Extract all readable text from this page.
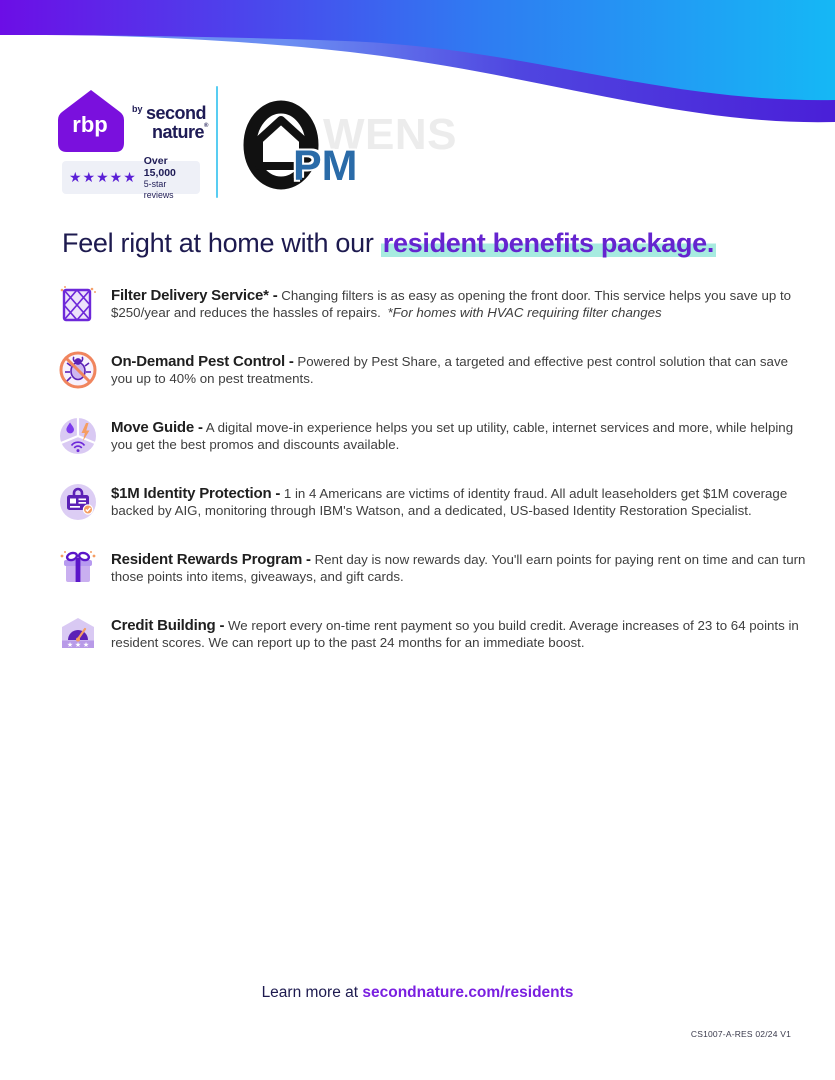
rbp
by second
nature®
★★★★★
Over 15,000
5-star reviews
WENS
PM
Feel right at home with our resident benefits package.
Filter Delivery Service* - Changing filters is as easy as opening the front door. This service helps you save up to $250/year and reduces the hassles of repairs. *For homes with HVAC requiring filter changes
On-Demand Pest Control - Powered by Pest Share, a targeted and effective pest control solution that can save you up to 40% on pest treatments.
Move Guide - A digital move-in experience helps you set up utility, cable, internet services and more, while helping you get the best promos and discounts available.
$1M Identity Protection - 1 in 4 Americans are victims of identity fraud. All adult leaseholders get $1M coverage backed by AIG, monitoring through IBM's Watson, and a dedicated, US-based Identity Restoration Specialist.
Resident Rewards Program - Rent day is now rewards day. You'll earn points for paying rent on time and can turn those points into items, giveaways, and gift cards.
★ ★ ★
Credit Building - We report every on-time rent payment so you build credit. Average increases of 23 to 64 points in resident scores. We can report up to the past 24 months for an immediate boost.
Learn more at secondnature.com/residents
CS1007-A-RES 02/24 V1
